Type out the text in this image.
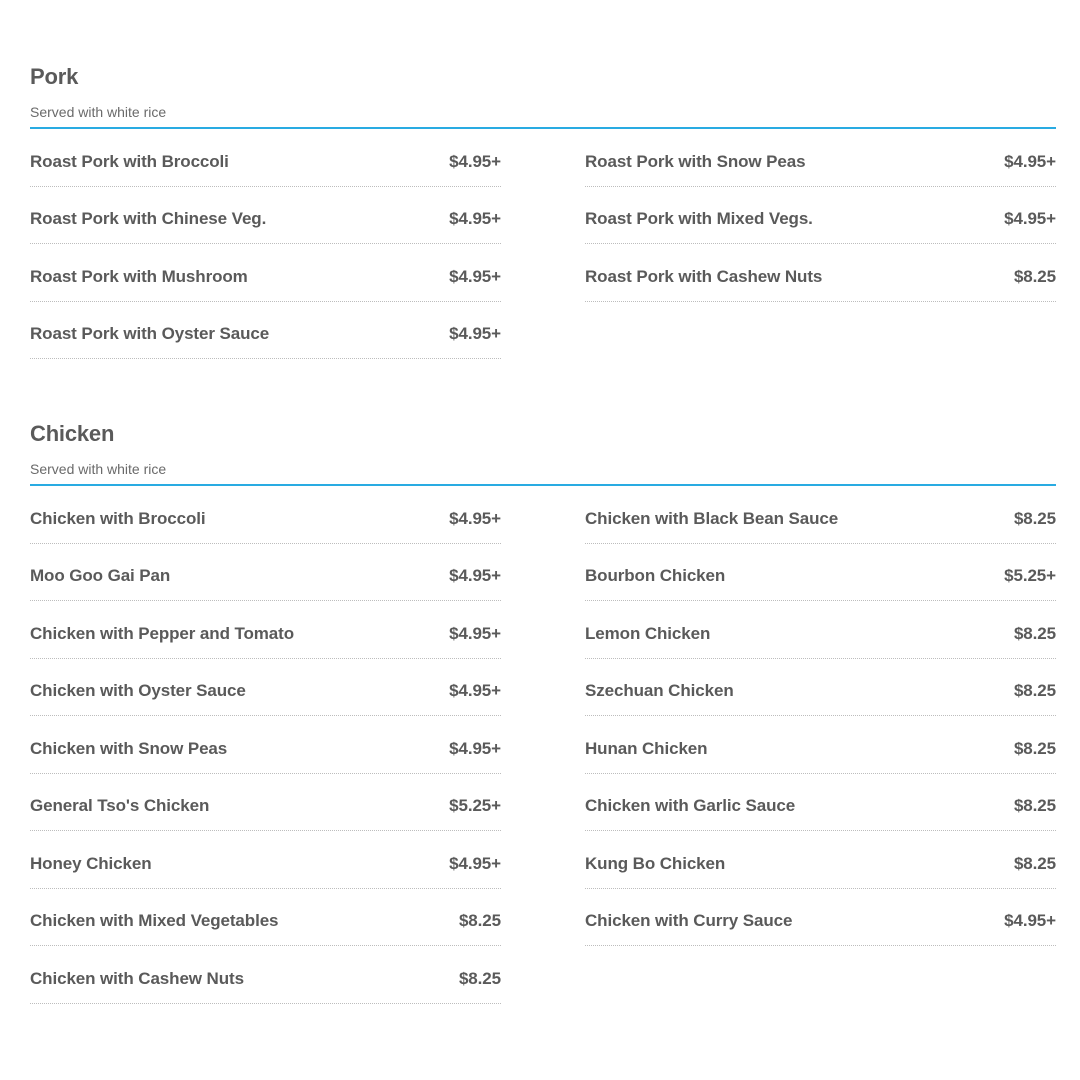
Pork
Served with white rice
Roast Pork with Broccoli	$4.95+
Roast Pork with Chinese Veg.	$4.95+
Roast Pork with Mushroom	$4.95+
Roast Pork with Oyster Sauce	$4.95+
Roast Pork with Snow Peas	$4.95+
Roast Pork with Mixed Vegs.	$4.95+
Roast Pork with Cashew Nuts	$8.25
Chicken
Served with white rice
Chicken with Broccoli	$4.95+
Moo Goo Gai Pan	$4.95+
Chicken with Pepper and Tomato	$4.95+
Chicken with Oyster Sauce	$4.95+
Chicken with Snow Peas	$4.95+
General Tso's Chicken	$5.25+
Honey Chicken	$4.95+
Chicken with Mixed Vegetables	$8.25
Chicken with Cashew Nuts	$8.25
Chicken with Black Bean Sauce	$8.25
Bourbon Chicken	$5.25+
Lemon Chicken	$8.25
Szechuan Chicken	$8.25
Hunan Chicken	$8.25
Chicken with Garlic Sauce	$8.25
Kung Bo Chicken	$8.25
Chicken with Curry Sauce	$4.95+
